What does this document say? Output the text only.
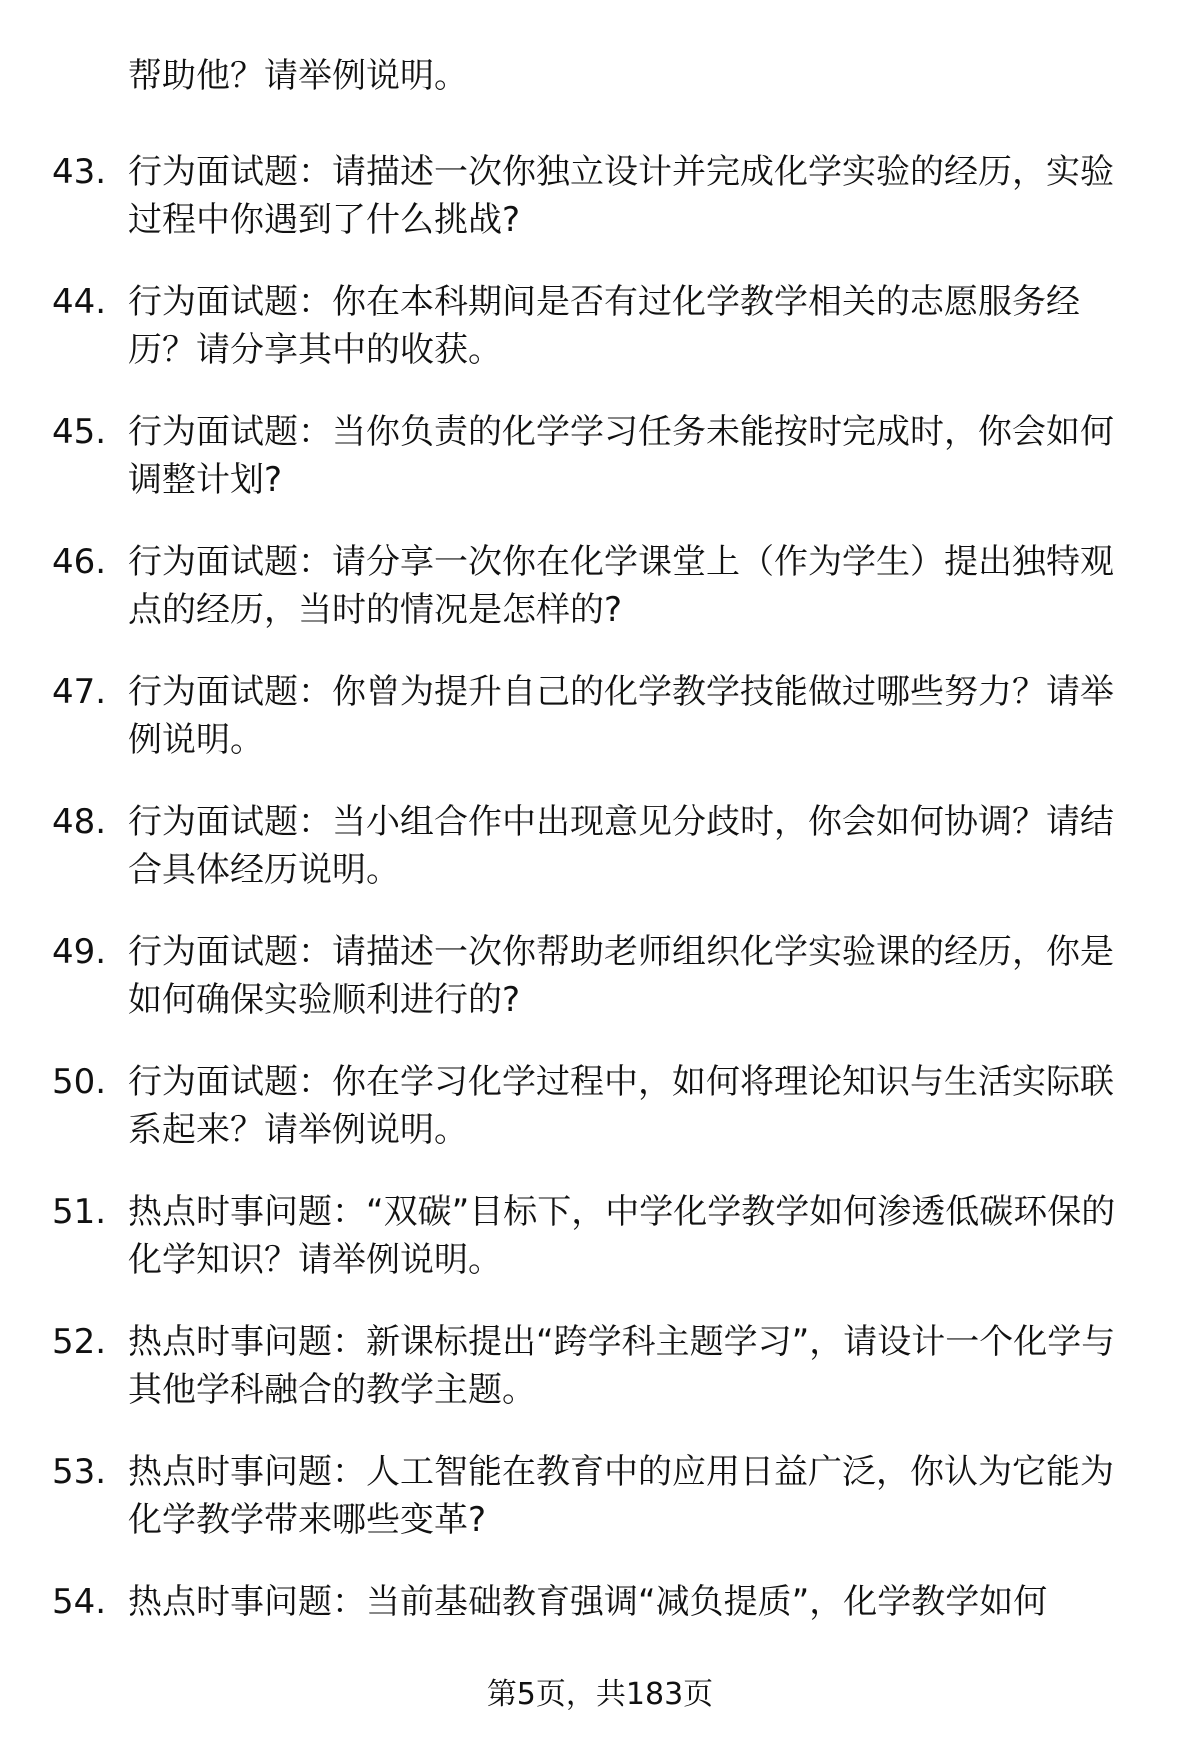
帮助他？请举例说明。
43. 行为面试题：请描述一次你独立设计并完成化学实验的经历，实验过程中你遇到了什么挑战?
44. 行为面试题：你在本科期间是否有过化学教学相关的志愿服务经历？请分享其中的收获。
45. 行为面试题：当你负责的化学学习任务未能按时完成时，你会如何调整计划?
46. 行为面试题：请分享一次你在化学课堂上（作为学生）提出独特观点的经历，当时的情况是怎样的?
47. 行为面试题：你曾为提升自己的化学教学技能做过哪些努力？请举例说明。
48. 行为面试题：当小组合作中出现意见分歧时，你会如何协调？请结合具体经历说明。
49. 行为面试题：请描述一次你帮助老师组织化学实验课的经历，你是如何确保实验顺利进行的?
50. 行为面试题：你在学习化学过程中，如何将理论知识与生活实际联系起来？请举例说明。
51. 热点时事问题：“双碳”目标下，中学化学教学如何渗透低碳环保的化学知识？请举例说明。
52. 热点时事问题：新课标提出“跨学科主题学习”，请设计一个化学与其他学科融合的教学主题。
53. 热点时事问题：人工智能在教育中的应用日益广泛，你认为它能为化学教学带来哪些变革?
54. 热点时事问题：当前基础教育强调“减负提质”，化学教学如何
第5页，共183页
